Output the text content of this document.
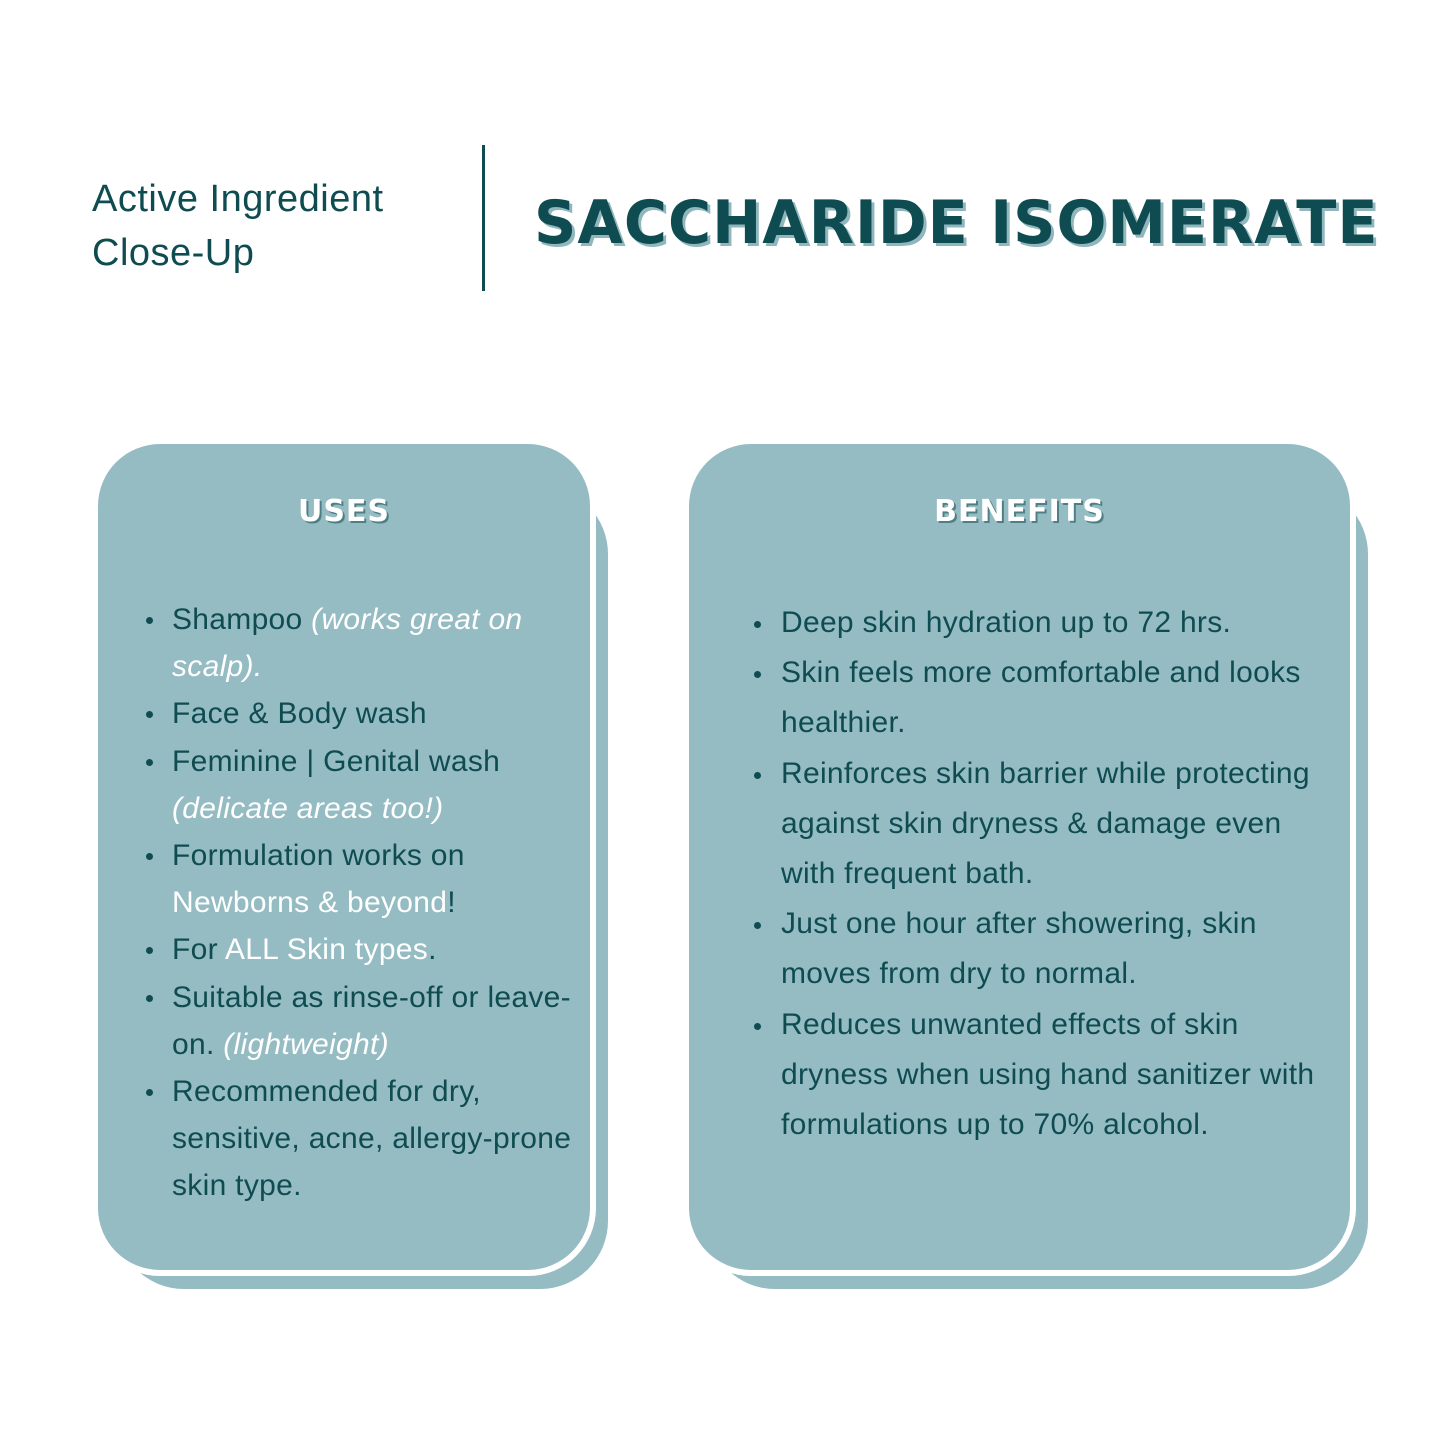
Active Ingredient
Close-Up	SACCHARIDE ISOMERATE
USES
Shampoo (works great on scalp).
Face & Body wash
Feminine | Genital wash (delicate areas too!)
Formulation works on Newborns & beyond!
For ALL Skin types.
Suitable as rinse-off or leave-on. (lightweight)
Recommended for dry, sensitive, acne, allergy-prone skin type.
BENEFITS
Deep skin hydration up to 72 hrs.
Skin feels more comfortable and looks healthier.
Reinforces skin barrier while protecting against skin dryness & damage even with frequent bath.
Just one hour after showering, skin moves from dry to normal.
Reduces unwanted effects of skin dryness when using hand sanitizer with formulations up to 70% alcohol.
